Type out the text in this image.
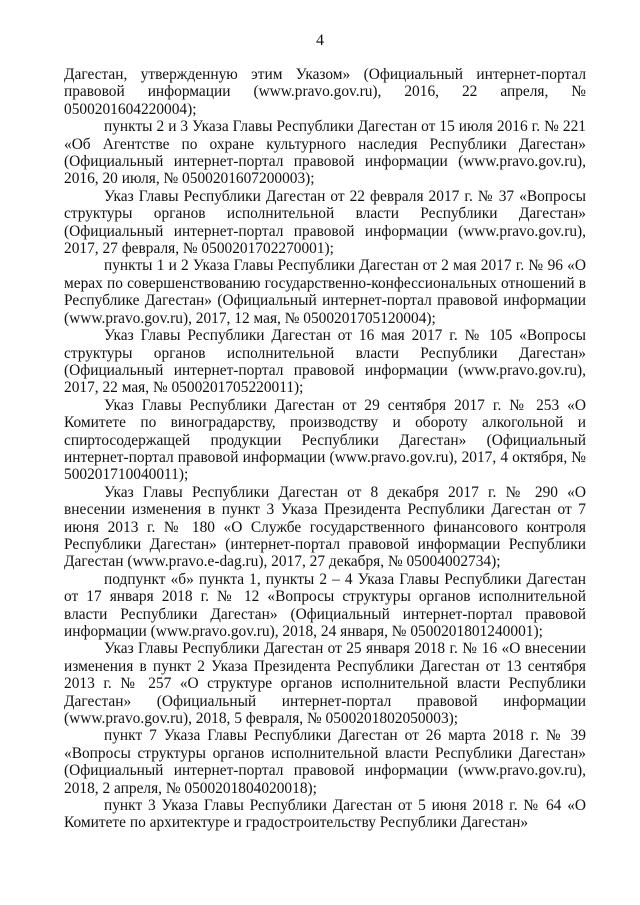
4

Дагестан, утвержденную этим Указом» (Официальный интернет-портал правовой информации (www.pravo.gov.ru), 2016, 22 апреля, № 0500201604220004);

пункты 2 и 3 Указа Главы Республики Дагестан от 15 июля 2016 г. № 221 «Об Агентстве по охране культурного наследия Республики Дагестан» (Официальный интернет-портал правовой информации (www.pravo.gov.ru), 2016, 20 июля, № 0500201607200003);

Указ Главы Республики Дагестан от 22 февраля 2017 г. № 37 «Вопросы структуры органов исполнительной власти Республики Дагестан» (Официальный интернет-портал правовой информации (www.pravo.gov.ru), 2017, 27 февраля, № 0500201702270001);

пункты 1 и 2 Указа Главы Республики Дагестан от 2 мая 2017 г. № 96 «О мерах по совершенствованию государственно-конфессиональных отношений в Республике Дагестан» (Официальный интернет-портал правовой информации (www.pravo.gov.ru), 2017, 12 мая, № 0500201705120004);

Указ Главы Республики Дагестан от 16 мая 2017 г. № 105 «Вопросы структуры органов исполнительной власти Республики Дагестан» (Официальный интернет-портал правовой информации (www.pravo.gov.ru), 2017, 22 мая, № 0500201705220011);

Указ Главы Республики Дагестан от 29 сентября 2017 г. № 253 «О Комитете по виноградарству, производству и обороту алкогольной и спиртосодержащей продукции Республики Дагестан» (Официальный интернет-портал правовой информации (www.pravo.gov.ru), 2017, 4 октября, № 500201710040011);

Указ Главы Республики Дагестан от 8 декабря 2017 г. № 290 «О внесении изменения в пункт 3 Указа Президента Республики Дагестан от 7 июня 2013 г. № 180 «О Службе государственного финансового контроля Республики Дагестан» (интернет-портал правовой информации Республики Дагестан (www.pravo.e-dag.ru), 2017, 27 декабря, № 05004002734);

подпункт «б» пункта 1, пункты 2 – 4 Указа Главы Республики Дагестан от 17 января 2018 г. № 12 «Вопросы структуры органов исполнительной власти Республики Дагестан» (Официальный интернет-портал правовой информации (www.pravo.gov.ru), 2018, 24 января, № 0500201801240001);

Указ Главы Республики Дагестан от 25 января 2018 г. № 16 «О внесении изменения в пункт 2 Указа Президента Республики Дагестан от 13 сентября 2013 г. № 257 «О структуре органов исполнительной власти Республики Дагестан» (Официальный интернет-портал правовой информации (www.pravo.gov.ru), 2018, 5 февраля, № 0500201802050003);

пункт 7 Указа Главы Республики Дагестан от 26 марта 2018 г. № 39 «Вопросы структуры органов исполнительной власти Республики Дагестан» (Официальный интернет-портал правовой информации (www.pravo.gov.ru), 2018, 2 апреля, № 0500201804020018);

пункт 3 Указа Главы Республики Дагестан от 5 июня 2018 г. № 64 «О Комитете по архитектуре и градостроительству Республики Дагестан»
